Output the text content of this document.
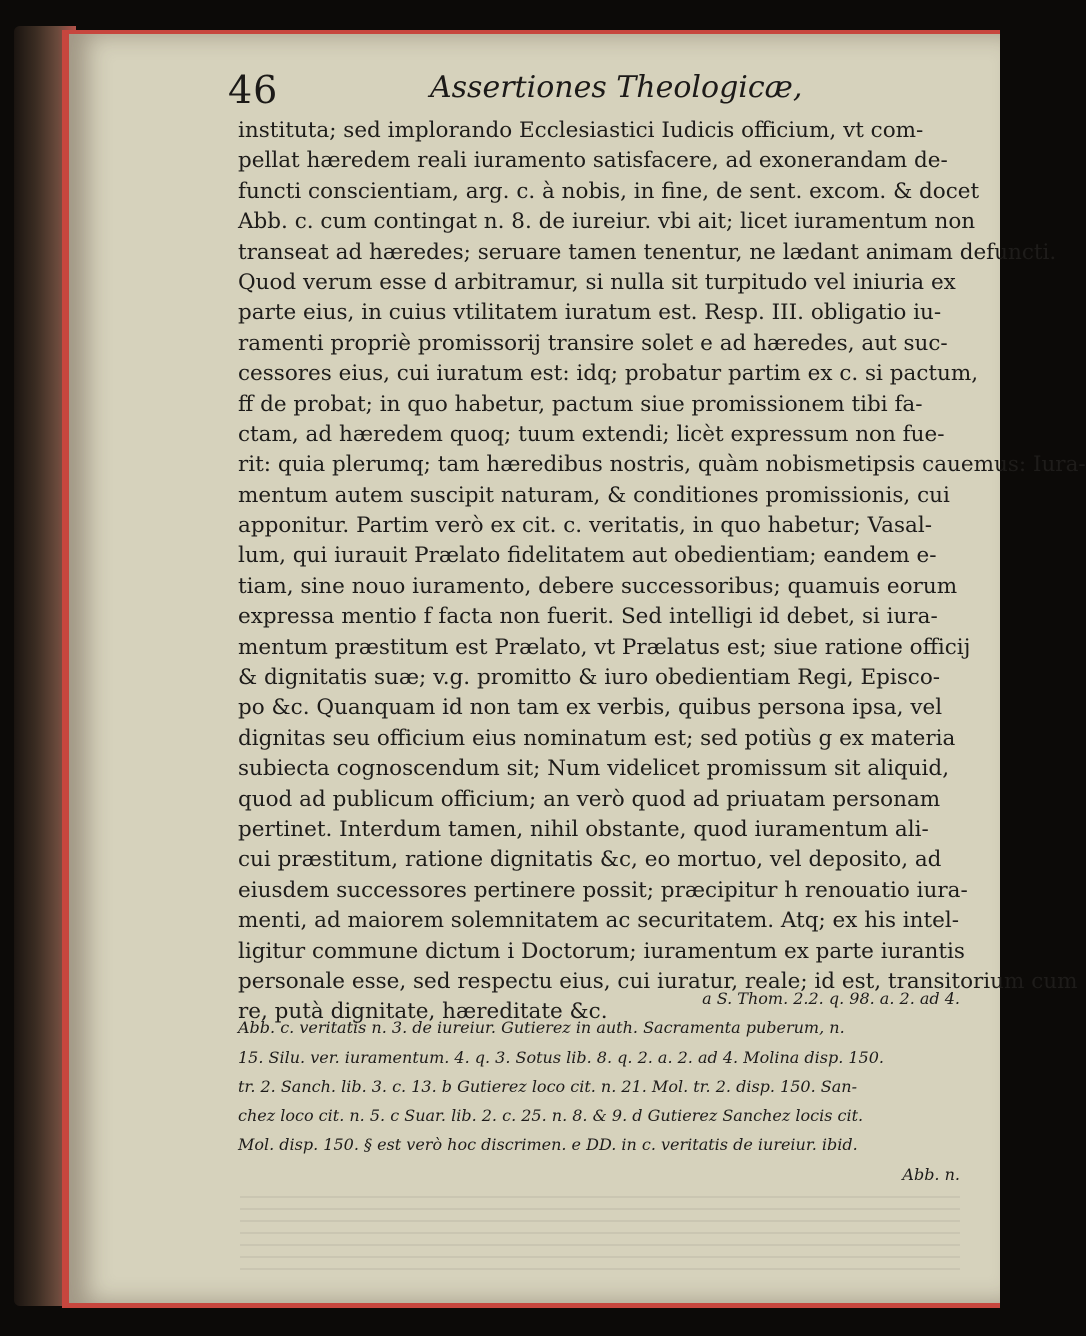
46	Assertiones Theologicæ,
instituta; sed implorando Ecclesiastici Iudicis officium, vt com-
pellat hæredem reali iuramento satisfacere, ad exonerandam de-
functi conscientiam, arg. c. à nobis, in fine, de sent. excom. & docet
Abb. c. cum contingat n. 8. de iureiur. vbi ait; licet iuramentum non
transeat ad hæredes; seruare tamen tenentur, ne lædant animam defuncti.
Quod verum esse d arbitramur, si nulla sit turpitudo vel iniuria ex
parte eius, in cuius vtilitatem iuratum est. Resp. III. obligatio iu-
ramenti propriè promissorij transire solet e ad hæredes, aut suc-
cessores eius, cui iuratum est: idq; probatur partim ex c. si pactum,
ff de probat; in quo habetur, pactum siue promissionem tibi fa-
ctam, ad hæredem quoq; tuum extendi; licèt expressum non fue-
rit: quia plerumq; tam hæredibus nostris, quàm nobismetipsis cauemus: Iura-
mentum autem suscipit naturam, & conditiones promissionis, cui
apponitur. Partim verò ex cit. c. veritatis, in quo habetur; Vasal-
lum, qui iurauit Prælato fidelitatem aut obedientiam; eandem e-
tiam, sine nouo iuramento, debere successoribus; quamuis eorum
expressa mentio f facta non fuerit. Sed intelligi id debet, si iura-
mentum præstitum est Prælato, vt Prælatus est; siue ratione officij
& dignitatis suæ; v.g. promitto & iuro obedientiam Regi, Episco-
po &c. Quanquam id non tam ex verbis, quibus persona ipsa, vel
dignitas seu officium eius nominatum est; sed potiùs g ex materia
subiecta cognoscendum sit; Num videlicet promissum sit aliquid,
quod ad publicum officium; an verò quod ad priuatam personam
pertinet. Interdum tamen, nihil obstante, quod iuramentum ali-
cui præstitum, ratione dignitatis &c, eo mortuo, vel deposito, ad
eiusdem successores pertinere possit; præcipitur h renouatio iura-
menti, ad maiorem solemnitatem ac securitatem. Atq; ex his intel-
ligitur commune dictum i Doctorum; iuramentum ex parte iurantis
personale esse, sed respectu eius, cui iuratur, reale; id est, transitorium cum
re, putà dignitate, hæreditate &c.
a S. Thom. 2.2. q. 98. a. 2. ad 4.
Abb. c. veritatis n. 3. de iureiur. Gutierez in auth. Sacramenta puberum, n.
15. Silu. ver. iuramentum. 4. q. 3. Sotus lib. 8. q. 2. a. 2. ad 4. Molina disp. 150.
tr. 2. Sanch. lib. 3. c. 13. b Gutierez loco cit. n. 21. Mol. tr. 2. disp. 150. San-
chez loco cit. n. 5. c Suar. lib. 2. c. 25. n. 8. & 9. d Gutierez Sanchez locis cit.
Mol. disp. 150. § est verò hoc discrimen. e DD. in c. veritatis de iureiur. ibid.
Abb. n.
